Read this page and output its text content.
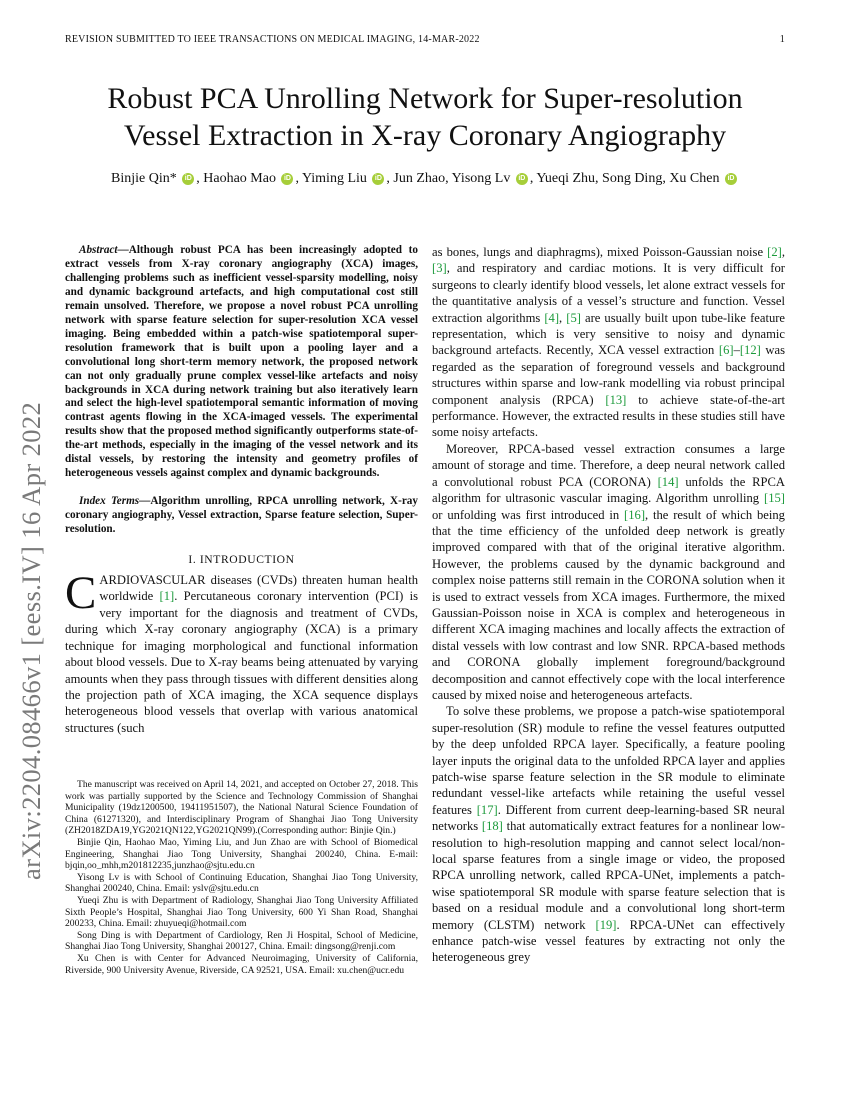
REVISION SUBMITTED TO IEEE TRANSACTIONS ON MEDICAL IMAGING, 14-MAR-2022	1
arXiv:2204.08466v1 [eess.IV] 16 Apr 2022
Robust PCA Unrolling Network for Super-resolution
Vessel Extraction in X-ray Coronary Angiography
Binjie Qin* iD , Haohao Mao iD , Yiming Liu iD , Jun Zhao, Yisong Lv iD , Yueqi Zhu, Song Ding, Xu Chen iD

Abstract—Although robust PCA has been increasingly adopted to extract vessels from X-ray coronary angiography (XCA) images, challenging problems such as inefficient vessel-sparsity modelling, noisy and dynamic background artefacts, and high computational cost still remain unsolved. Therefore, we propose a novel robust PCA unrolling network with sparse feature selection for super-resolution XCA vessel imaging. Being embedded within a patch-wise spatiotemporal super-resolution framework that is built upon a pooling layer and a convolutional long short-term memory network, the proposed network can not only gradually prune complex vessel-like artefacts and noisy backgrounds in XCA during network training but also iteratively learn and select the high-level spatiotemporal semantic information of moving contrast agents flowing in the XCA-imaged vessels. The experimental results show that the proposed method significantly outperforms state-of-the-art methods, especially in the imaging of the vessel network and its distal vessels, by restoring the intensity and geometry profiles of heterogeneous vessels against complex and dynamic backgrounds.

Index Terms—Algorithm unrolling, RPCA unrolling network, X-ray coronary angiography, Vessel extraction, Sparse feature selection, Super-resolution.

I. INTRODUCTION

CARDIOVASCULAR diseases (CVDs) threaten human health worldwide [1]. Percutaneous coronary intervention (PCI) is very important for the diagnosis and treatment of CVDs, during which X-ray coronary angiography (XCA) is a primary technique for imaging morphological and functional information about blood vessels. Due to X-ray beams being attenuated by varying amounts when they pass through tissues with different densities along the projection path of XCA imaging, the XCA sequence displays heterogeneous blood vessels that overlap with various anatomical structures (such

The manuscript was received on April 14, 2021, and accepted on October 27, 2018. This work was partially supported by the Science and Technology Commission of Shanghai Municipality (19dz1200500, 19411951507), the National Natural Science Foundation of China (61271320), and Interdisciplinary Program of Shanghai Jiao Tong University (ZH2018ZDA19,YG2021QN122,YG2021QN99).(Corresponding author: Binjie Qin.)

Binjie Qin, Haohao Mao, Yiming Liu, and Jun Zhao are with School of Biomedical Engineering, Shanghai Jiao Tong University, Shanghai 200240, China. E-mail: bjqin,oo_mhh,m201812235,junzhao@sjtu.edu.cn

Yisong Lv is with School of Continuing Education, Shanghai Jiao Tong University, Shanghai 200240, China. Email: yslv@sjtu.edu.cn

Yueqi Zhu is with Department of Radiology, Shanghai Jiao Tong University Affiliated Sixth People’s Hospital, Shanghai Jiao Tong University, 600 Yi Shan Road, Shanghai 200233, China. Email: zhuyueqi@hotmail.com

Song Ding is with Department of Cardiology, Ren Ji Hospital, School of Medicine, Shanghai Jiao Tong University, Shanghai 200127, China. Email: dingsong@renji.com

Xu Chen is with Center for Advanced Neuroimaging, University of California, Riverside, 900 University Avenue, Riverside, CA 92521, USA. Email: xu.chen@ucr.edu

as bones, lungs and diaphragms), mixed Poisson-Gaussian noise [2], [3], and respiratory and cardiac motions. It is very difficult for surgeons to clearly identify blood vessels, let alone extract vessels for the quantitative analysis of a vessel’s structure and function. Vessel extraction algorithms [4], [5] are usually built upon tube-like feature representation, which is very sensitive to noisy and dynamic background artefacts. Recently, XCA vessel extraction [6]–[12] was regarded as the separation of foreground vessels and background structures within sparse and low-rank modelling via robust principal component analysis (RPCA) [13] to achieve state-of-the-art performance. However, the extracted results in these studies still have some noisy artefacts.

Moreover, RPCA-based vessel extraction consumes a large amount of storage and time. Therefore, a deep neural network called a convolutional robust PCA (CORONA) [14] unfolds the RPCA algorithm for ultrasonic vascular imaging. Algorithm unrolling [15] or unfolding was first introduced in [16], the result of which being that the time efficiency of the unfolded deep network is greatly improved compared with that of the original iterative algorithm. However, the problems caused by the dynamic background and complex noise patterns still remain in the CORONA solution when it is used to extract vessels from XCA images. Furthermore, the mixed Gaussian-Poisson noise in XCA is complex and heterogeneous in different XCA imaging machines and locally affects the extraction of distal vessels with low contrast and low SNR. RPCA-based methods and CORONA globally implement foreground/background decomposition and cannot effectively cope with the local interference caused by mixed noise and heterogeneous artefacts.

To solve these problems, we propose a patch-wise spatiotemporal super-resolution (SR) module to refine the vessel features outputted by the deep unfolded RPCA layer. Specifically, a feature pooling layer inputs the original data to the unfolded RPCA layer and applies patch-wise sparse feature selection in the SR module to eliminate redundant vessel-like artefacts while retaining the useful vessel features [17]. Different from current deep-learning-based SR neural networks [18] that automatically extract features for a nonlinear low-resolution to high-resolution mapping and cannot select local/non-local sparse features from a single image or video, the proposed RPCA unrolling network, called RPCA-UNet, implements a patch-wise spatiotemporal SR module with sparse feature selection that is based on a residual module and a convolutional long short-term memory (CLSTM) network [19]. RPCA-UNet can effectively enhance patch-wise vessel features by extracting not only the heterogeneous grey
